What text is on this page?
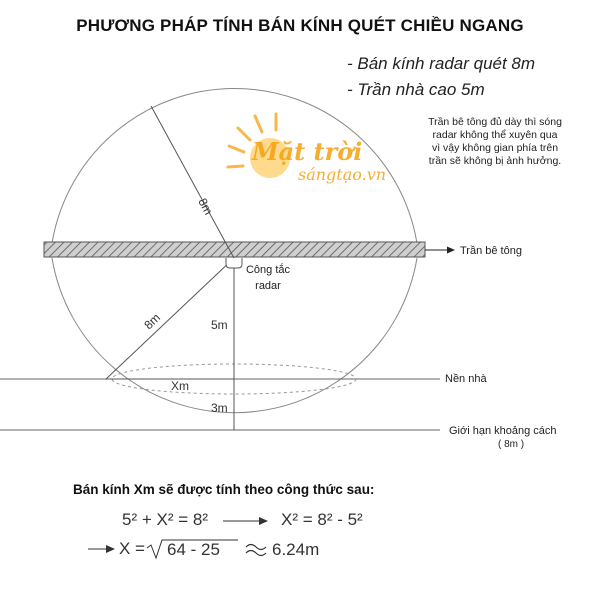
PHƯƠNG PHÁP TÍNH BÁN KÍNH QUÉT CHIỀU NGANG
- Bán kính radar quét 8m
- Trần nhà cao 5m
Trần bê tông đủ dày thì sóng
radar không thể xuyên qua
vì vậy không gian phía trên
trần sẽ không bị ảnh hưởng.
Mặt trời
sángtạo.vn
8m
8m	5m
3m
Xm
Trần bê tông
Công tắc
radar
Nền nhà
Giới hạn khoảng cách
( 8m )
5² + X² = 8²	X² = 8² - 5²
X = 64 - 25	6.24m
Bán kính Xm sẽ được tính theo công thức sau:
